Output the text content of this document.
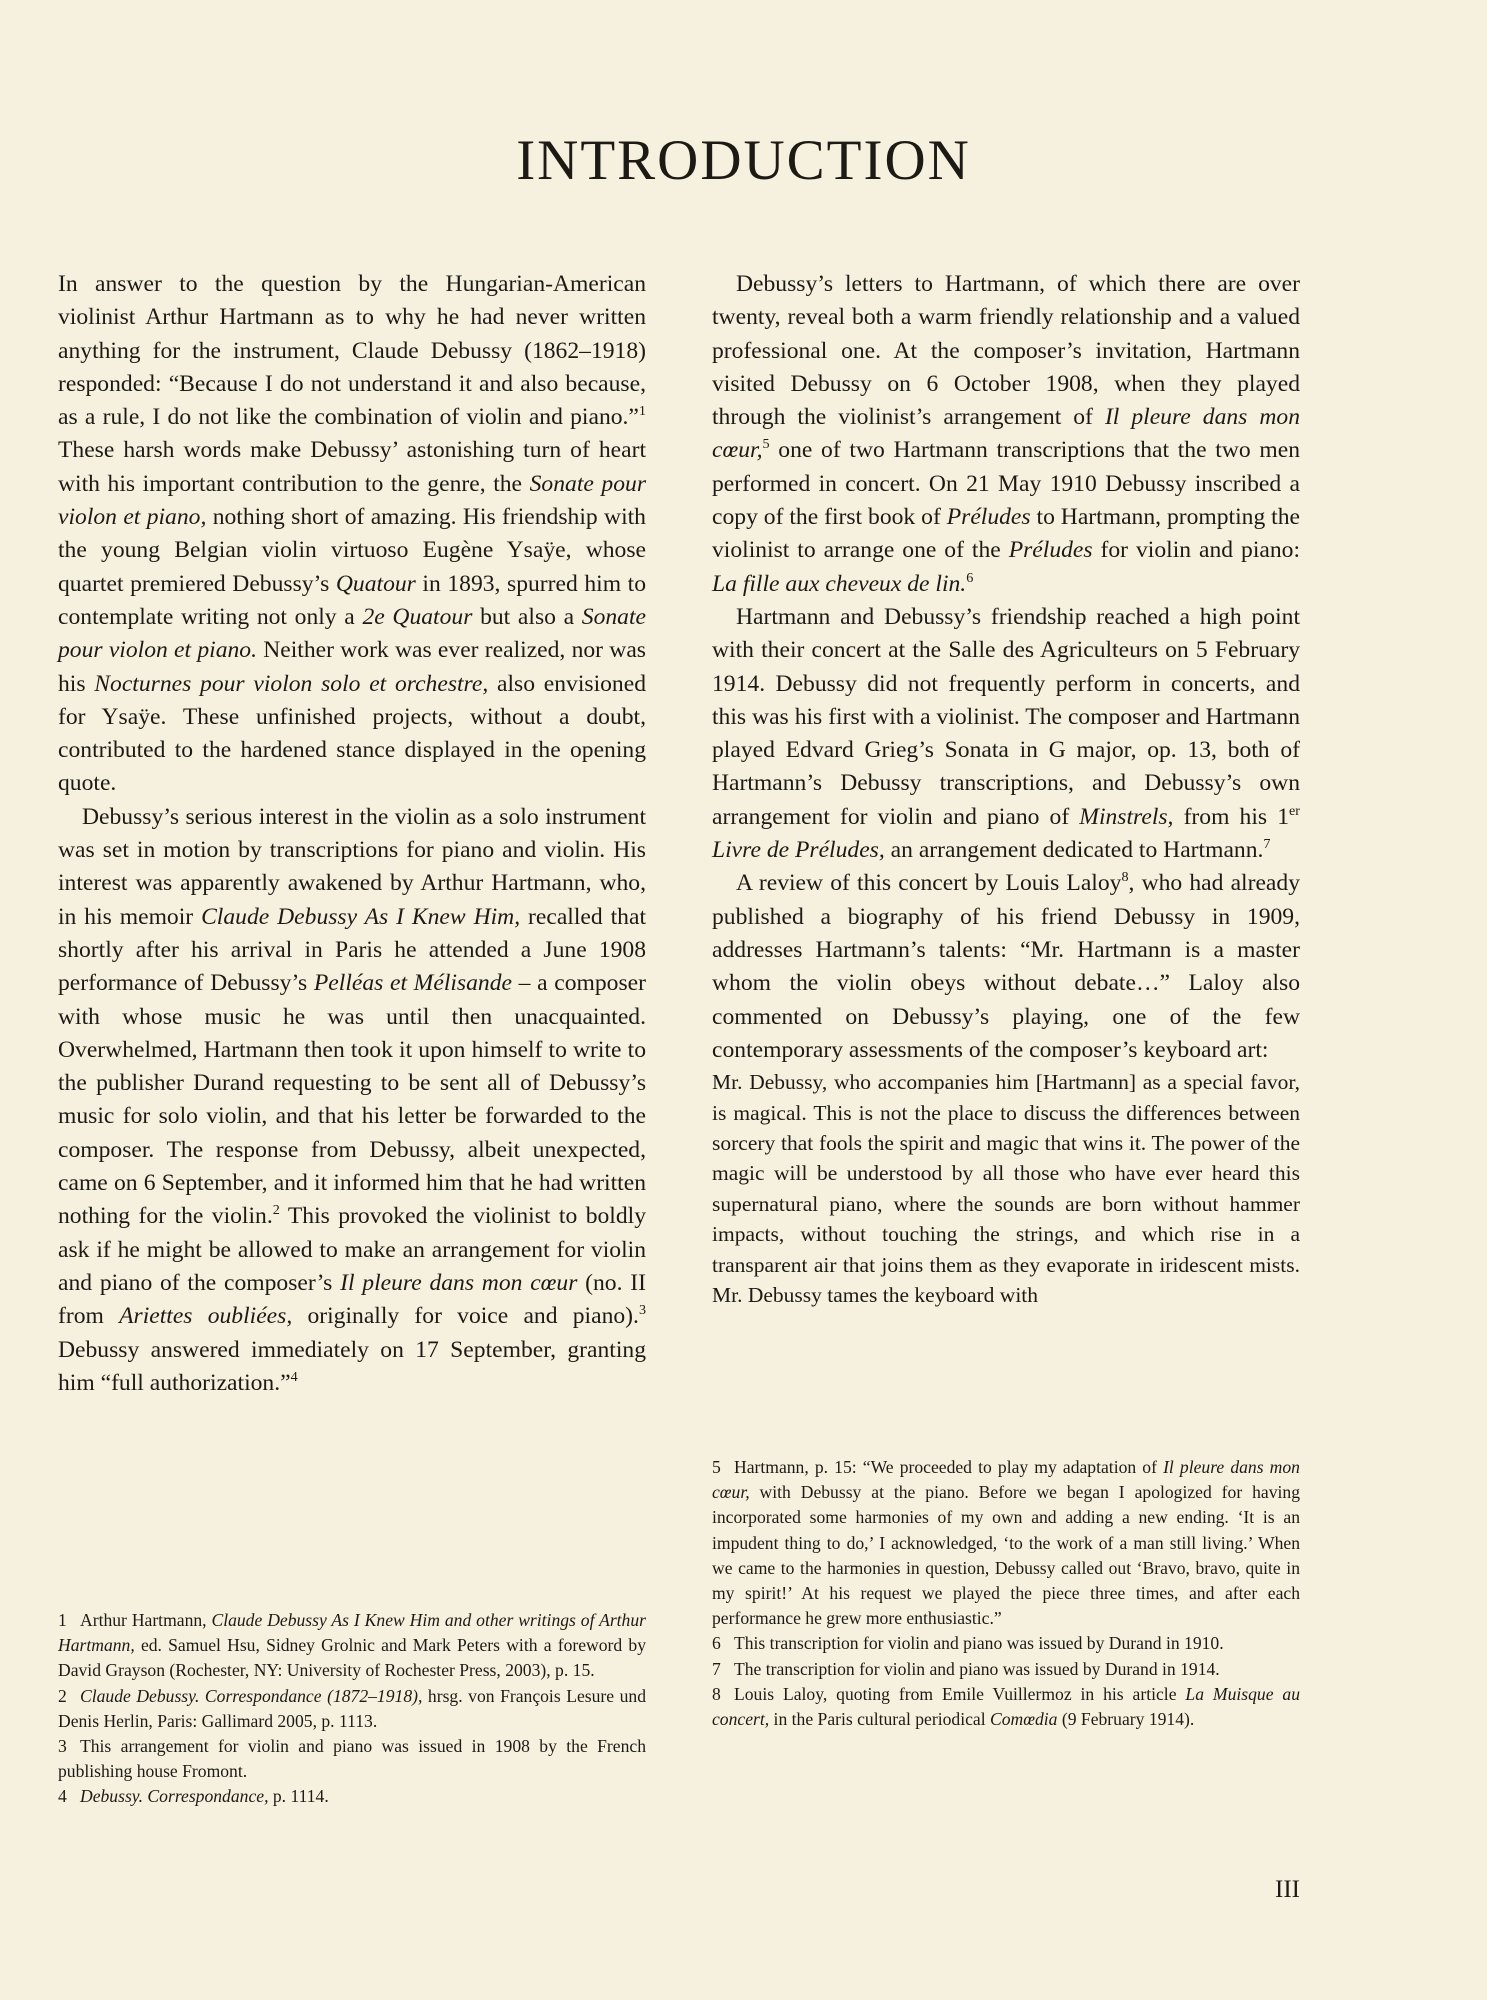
INTRODUCTION

In answer to the question by the Hungarian-American violinist Arthur Hartmann as to why he had never written anything for the instrument, Claude Debussy (1862–1918) responded: “Because I do not understand it and also because, as a rule, I do not like the combination of violin and piano.”$^1$ These harsh words make Debussy’ astonishing turn of heart with his important contribution to the genre, the Sonate pour violon et piano, nothing short of amazing. His friendship with the young Belgian violin virtuoso Eugène Ysaÿe, whose quartet premiered Debussy’s Quatour in 1893, spurred him to contemplate writing not only a 2e Quatour but also a Sonate pour violon et piano. Neither work was ever realized, nor was his Nocturnes pour violon solo et orchestre, also envisioned for Ysaÿe. These unfinished projects, without a doubt, contributed to the hardened stance displayed in the opening quote.

Debussy’s serious interest in the violin as a solo instrument was set in motion by transcriptions for piano and violin. His interest was apparently awakened by Arthur Hartmann, who, in his memoir Claude Debussy As I Knew Him, recalled that shortly after his arrival in Paris he attended a June 1908 performance of Debussy’s Pelléas et Mélisande – a composer with whose music he was until then unacquainted. Overwhelmed, Hartmann then took it upon himself to write to the publisher Durand requesting to be sent all of Debussy’s music for solo violin, and that his letter be forwarded to the composer. The response from Debussy, albeit unexpected, came on 6 September, and it informed him that he had written nothing for the violin.$^2$ This provoked the violinist to boldly ask if he might be allowed to make an arrangement for violin and piano of the composer’s Il pleure dans mon cœur (no. II from Ariettes oubliées, originally for voice and piano).$^3$ Debussy answered immediately on 17 September, granting him “full authorization.”$^4$

Debussy’s letters to Hartmann, of which there are over twenty, reveal both a warm friendly relationship and a valued professional one. At the composer’s invitation, Hartmann visited Debussy on 6 October 1908, when they played through the violinist’s arrangement of Il pleure dans mon cœur,$^5$ one of two Hartmann transcriptions that the two men performed in concert. On 21 May 1910 Debussy inscribed a copy of the first book of Préludes to Hartmann, prompting the violinist to arrange one of the Préludes for violin and piano: La fille aux cheveux de lin.$^6$

Hartmann and Debussy’s friendship reached a high point with their concert at the Salle des Agriculteurs on 5 February 1914. Debussy did not frequently perform in concerts, and this was his first with a violinist. The composer and Hartmann played Edvard Grieg’s Sonata in G major, op. 13, both of Hartmann’s Debussy transcriptions, and Debussy’s own arrangement for violin and piano of Minstrels, from his 1er Livre de Préludes, an arrangement dedicated to Hartmann.$^7$

A review of this concert by Louis Laloy$^8$, who had already published a biography of his friend Debussy in 1909, addresses Hartmann’s talents: “Mr. Hartmann is a master whom the violin obeys without debate…” Laloy also commented on Debussy’s playing, one of the few contemporary assessments of the composer’s keyboard art:

Mr. Debussy, who accompanies him [Hartmann] as a special favor, is magical. This is not the place to discuss the differences between sorcery that fools the spirit and magic that wins it. The power of the magic will be understood by all those who have ever heard this supernatural piano, where the sounds are born without hammer impacts, without touching the strings, and which rise in a transparent air that joins them as they evaporate in iridescent mists. Mr. Debussy tames the keyboard with

1 Arthur Hartmann, Claude Debussy As I Knew Him and other writings of Arthur Hartmann, ed. Samuel Hsu, Sidney Grolnic and Mark Peters with a foreword by David Grayson (Rochester, NY: University of Rochester Press, 2003), p. 15.

2 Claude Debussy. Correspondance (1872–1918), hrsg. von François Lesure und Denis Herlin, Paris: Gallimard 2005, p. 1113.

3 This arrangement for violin and piano was issued in 1908 by the French publishing house Fromont.

4 Debussy. Correspondance, p. 1114.

5 Hartmann, p. 15: “We proceeded to play my adaptation of Il pleure dans mon cœur, with Debussy at the piano. Before we began I apologized for having incorporated some harmonies of my own and adding a new ending. ‘It is an impudent thing to do,’ I acknowledged, ‘to the work of a man still living.’ When we came to the harmonies in question, Debussy called out ‘Bravo, bravo, quite in my spirit!’ At his request we played the piece three times, and after each performance he grew more enthusiastic.”

6 This transcription for violin and piano was issued by Durand in 1910.

7 The transcription for violin and piano was issued by Durand in 1914.

8 Louis Laloy, quoting from Emile Vuillermoz in his article La Muisque au concert, in the Paris cultural periodical Comœdia (9 February 1914).

III
